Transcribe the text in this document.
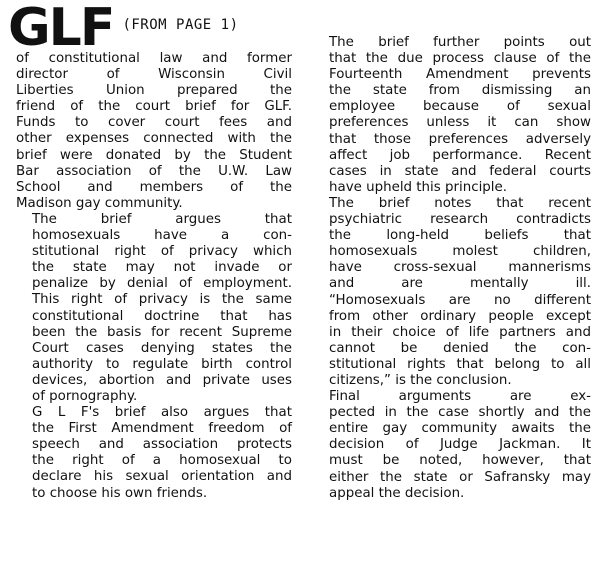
GLF (FROM PAGE 1)

of constitutional law and former
director of Wisconsin Civil
Liberties Union prepared the
friend of the court brief for GLF.
Funds to cover court fees and
other expenses connected with the
brief were donated by the Student
Bar association of the U.W. Law
School and members of the
Madison gay community.

The brief argues that
homosexuals have a con-
stitutional right of privacy which
the state may not invade or
penalize by denial of employment.
This right of privacy is the same
constitutional doctrine that has
been the basis for recent Supreme
Court cases denying states the
authority to regulate birth control
devices, abortion and private uses
of pornography.

G L F's brief also argues that
the First Amendment freedom of
speech and association protects
the right of a homosexual to
declare his sexual orientation and
to choose his own friends.

The brief further points out
that the due process clause of the
Fourteenth Amendment prevents
the state from dismissing an
employee because of sexual
preferences unless it can show
that those preferences adversely
affect job performance. Recent
cases in state and federal courts
have upheld this principle.

The brief notes that recent
psychiatric research contradicts
the long-held beliefs that
homosexuals molest children,
have cross-sexual mannerisms
and are mentally ill.
“Homosexuals are no different
from other ordinary people except
in their choice of life partners and
cannot be denied the con-
stitutional rights that belong to all
citizens,” is the conclusion.

Final arguments are ex-
pected in the case shortly and the
entire gay community awaits the
decision of Judge Jackman. It
must be noted, however, that
either the state or Safransky may
appeal the decision.
